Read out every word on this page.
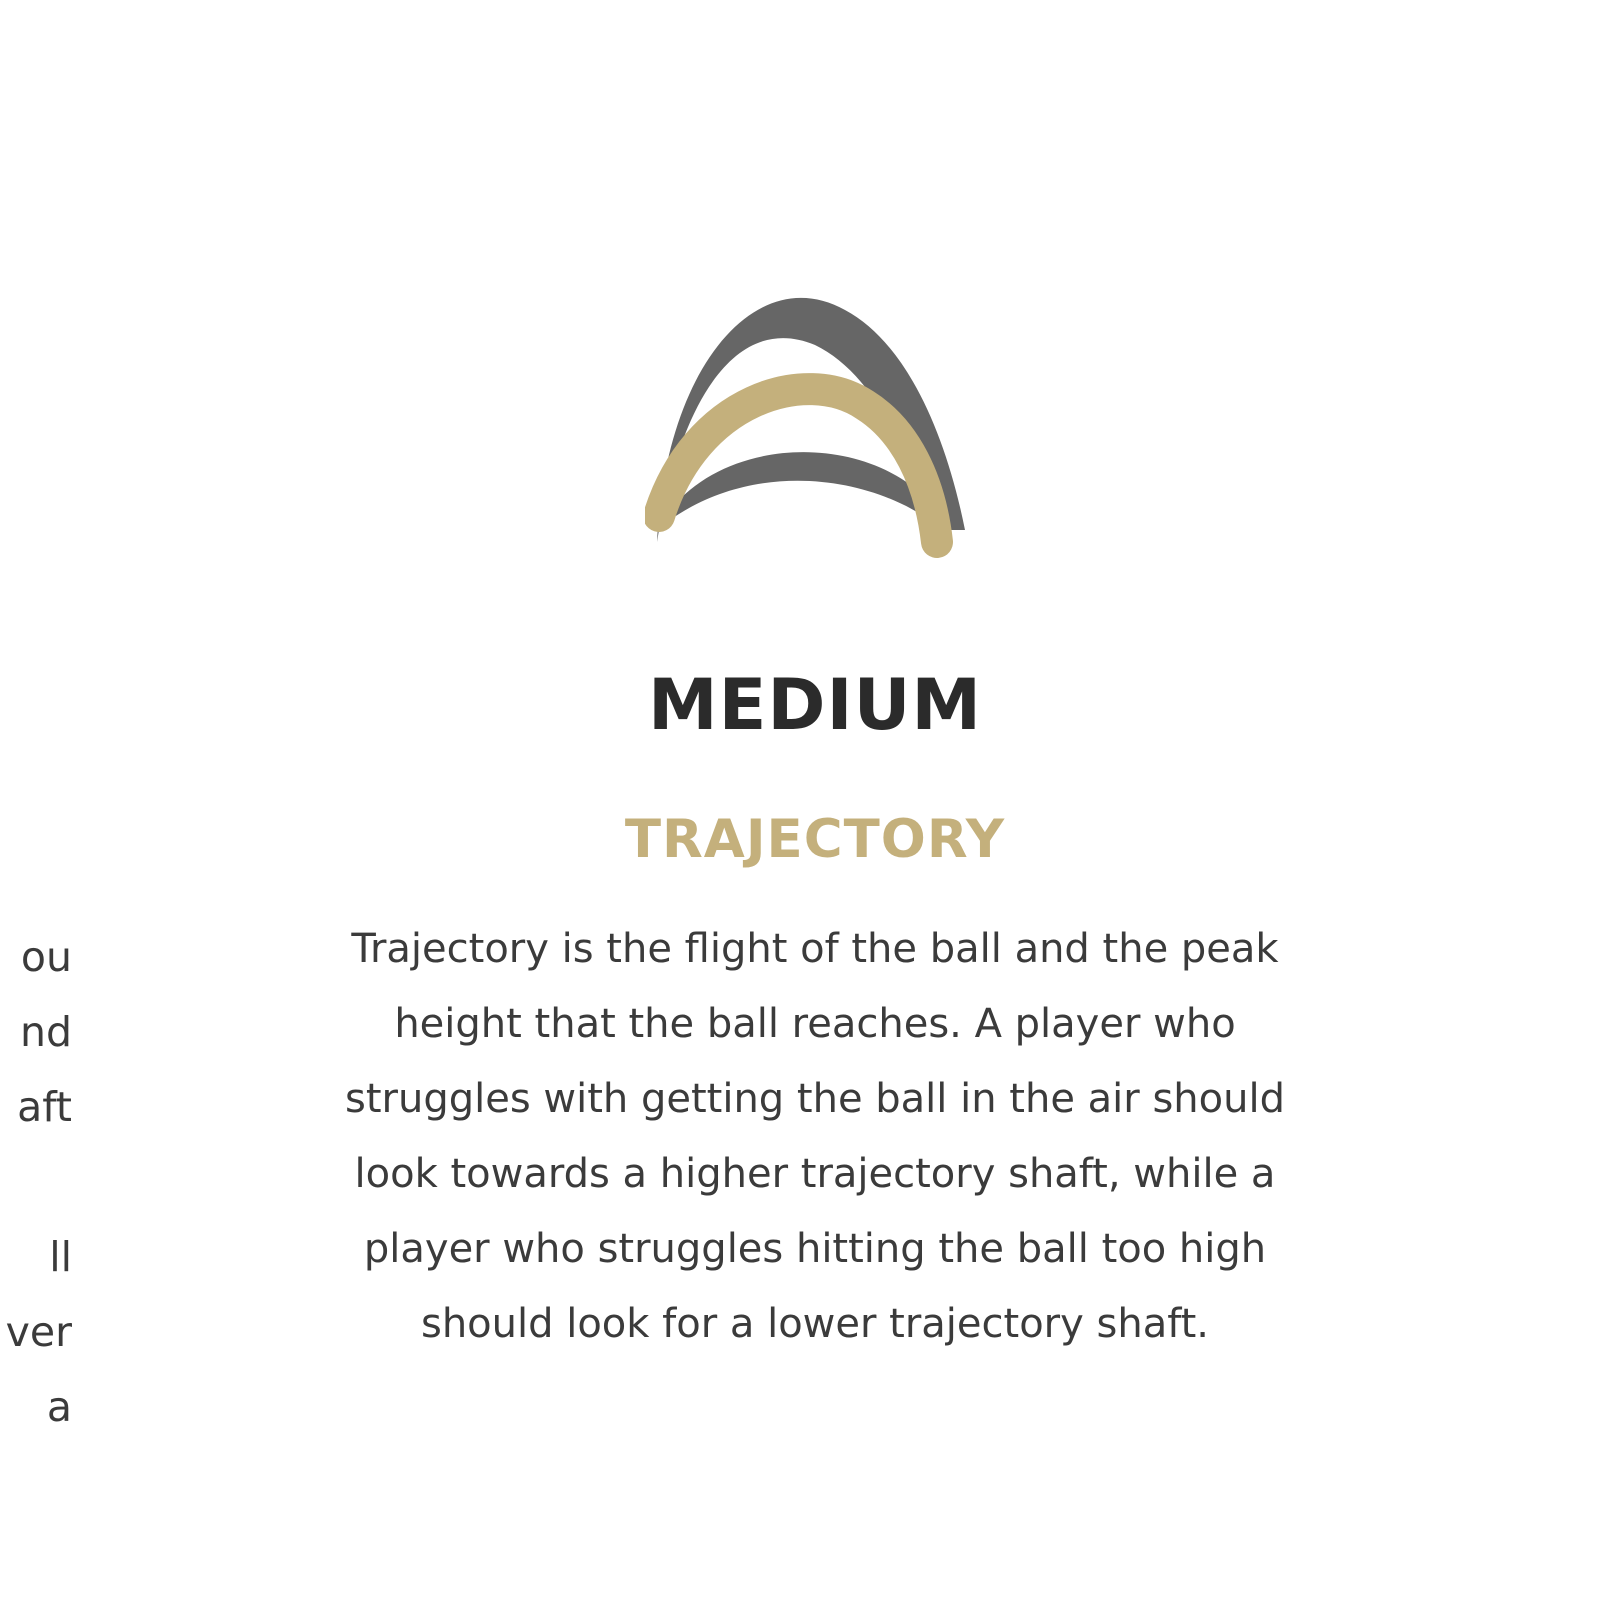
ou
nd
aft
ll
ver
a
MEDIUM
TRAJECTORY

Trajectory is the flight of the ball and the peak
height that the ball reaches. A player who
struggles with getting the ball in the air should
look towards a higher trajectory shaft, while a
player who struggles hitting the ball too high
should look for a lower trajectory shaft.
